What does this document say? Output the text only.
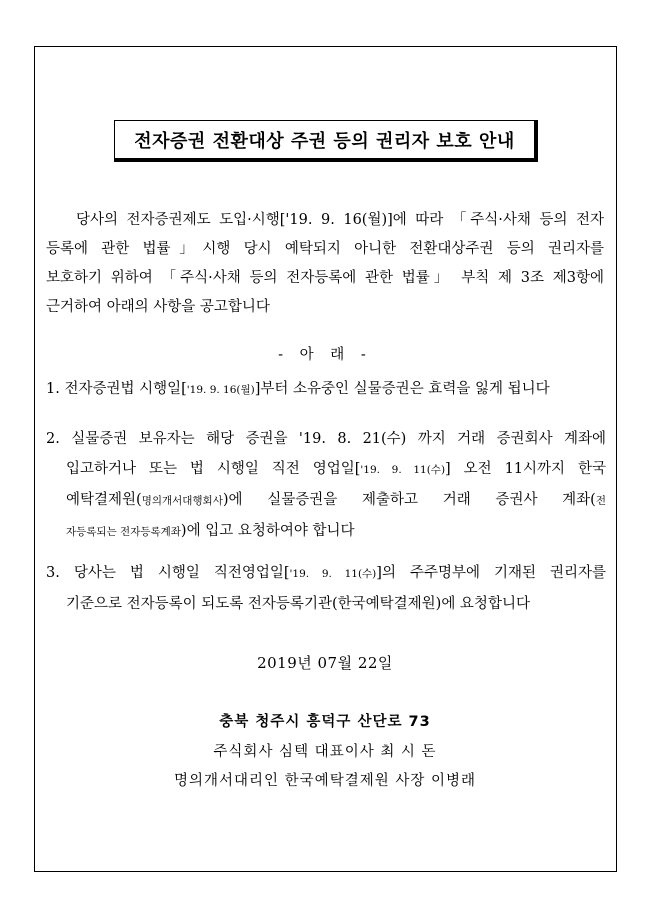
전자증권 전환대상 주권 등의 권리자 보호 안내
당사의 전자증권제도 도입·시행['19. 9. 16(월)]에 따라 「주식·사채 등의 전자
등록에 관한 법률」시행 당시 예탁되지 아니한 전환대상주권 등의 권리자를
보호하기 위하여 「주식·사채 등의 전자등록에 관한 법률」 부칙 제 3조 제3항에
근거하여 아래의 사항을 공고합니다
- 아 래 -
1. 전자증권법 시행일['19. 9. 16(월)]부터 소유중인 실물증권은 효력을 잃게 됩니다
2. 실물증권 보유자는 해당 증권을 '19. 8. 21(수) 까지 거래 증권회사 계좌에
입고하거나 또는 법 시행일 직전 영업일['19. 9. 11(수)] 오전 11시까지 한국
예탁결제원(명의개서대행회사)에 실물증권을 제출하고 거래 증권사 계좌(전
자등록되는 전자등록계좌)에 입고 요청하여야 합니다
3. 당사는 법 시행일 직전영업일['19. 9. 11(수)]의 주주명부에 기재된 권리자를
기준으로 전자등록이 되도록 전자등록기관(한국예탁결제원)에 요청합니다
2019년 07월 22일
충북 청주시 흥덕구 산단로 73
주식회사 심텍 대표이사 최 시 돈
명의개서대리인 한국예탁결제원 사장 이병래
